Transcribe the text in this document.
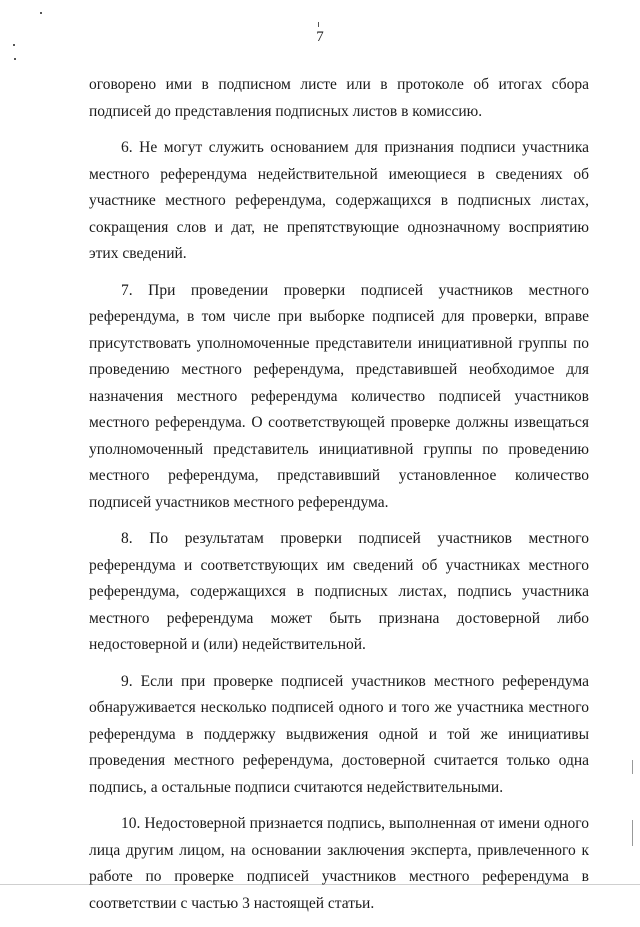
7

оговорено ими в подписном листе или в протоколе об итогах сбора подписей до представления подписных листов в комиссию.

6. Не могут служить основанием для признания подписи участника местного референдума недействительной имеющиеся в сведениях об участнике местного референдума, содержащихся в подписных листах, сокращения слов и дат, не препятствующие однозначному восприятию этих сведений.

7. При проведении проверки подписей участников местного референдума, в том числе при выборке подписей для проверки, вправе присутствовать уполномоченные представители инициативной группы по проведению местного референдума, представившей необходимое для назначения местного референдума количество подписей участников местного референдума. О соответствующей проверке должны извещаться уполномоченный представитель инициативной группы по проведению местного референдума, представивший установленное количество подписей участников местного референдума.

8. По результатам проверки подписей участников местного референдума и соответствующих им сведений об участниках местного референдума, содержащихся в подписных листах, подпись участника местного референдума может быть признана достоверной либо недостоверной и (или) недействительной.

9. Если при проверке подписей участников местного референдума обнаруживается несколько подписей одного и того же участника местного референдума в поддержку выдвижения одной и той же инициативы проведения местного референдума, достоверной считается только одна подпись, а остальные подписи считаются недействительными.

10. Недостоверной признается подпись, выполненная от имени одного лица другим лицом, на основании заключения эксперта, привлеченного к работе по проверке подписей участников местного референдума в соответствии с частью 3 настоящей статьи.
